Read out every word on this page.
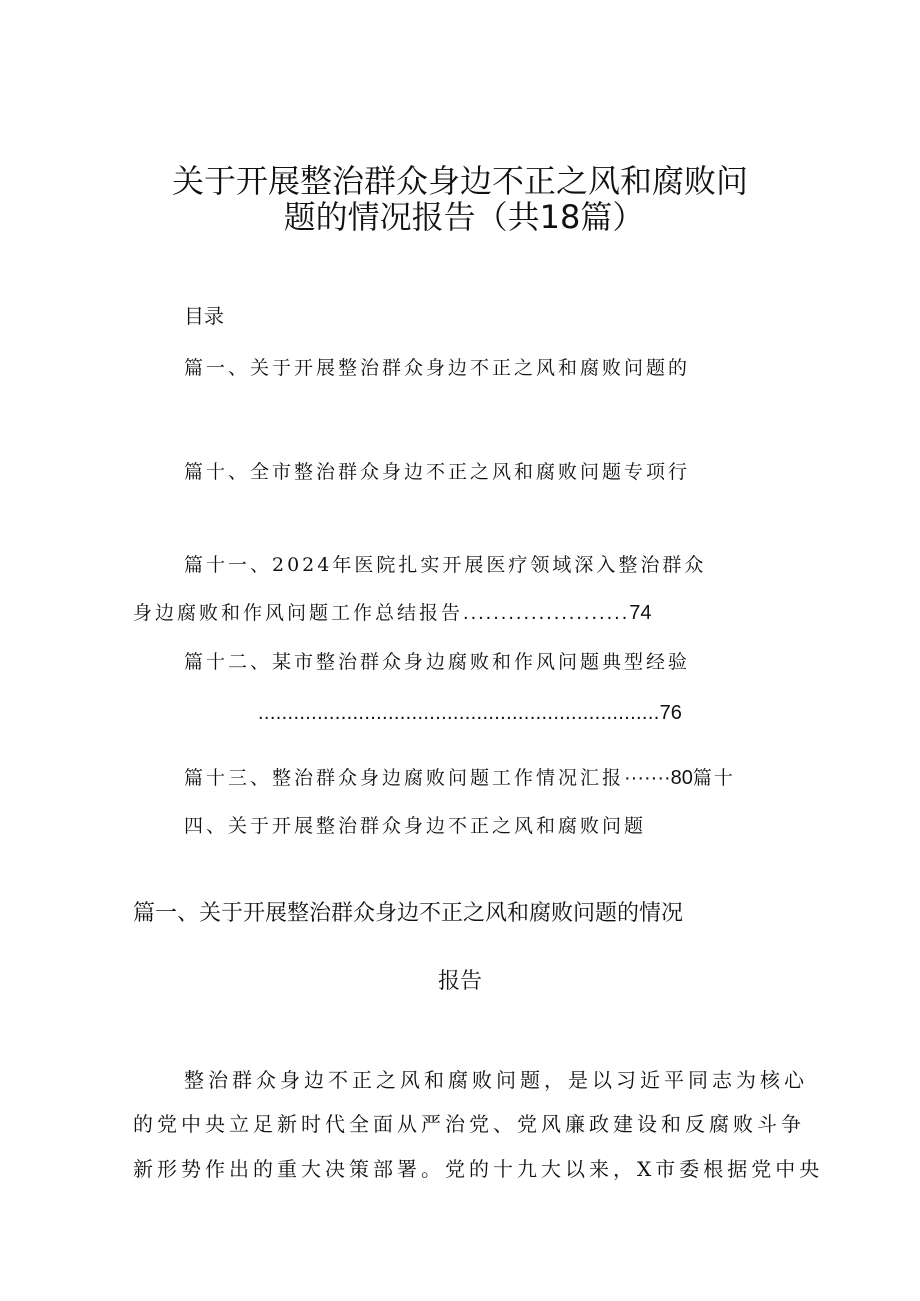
关于开展整治群众身边不正之风和腐败问
题的情况报告（共18篇）
目录
篇一、关于开展整治群众身边不正之风和腐败问题的
篇十、全市整治群众身边不正之风和腐败问题专项行
篇十一、2024年医院扎实开展医疗领域深入整治群众
身边腐败和作风问题工作总结报告......................74
篇十二、某市整治群众身边腐败和作风问题典型经验
....................................................................76
篇十三、整治群众身边腐败问题工作情况汇报·······80篇十
四、关于开展整治群众身边不正之风和腐败问题
篇一、关于开展整治群众身边不正之风和腐败问题的情况
报告
整治群众身边不正之风和腐败问题，是以习近平同志为核心
的党中央立足新时代全面从严治党、党风廉政建设和反腐败斗争
新形势作出的重大决策部署。党的十九大以来，X市委根据党中央
